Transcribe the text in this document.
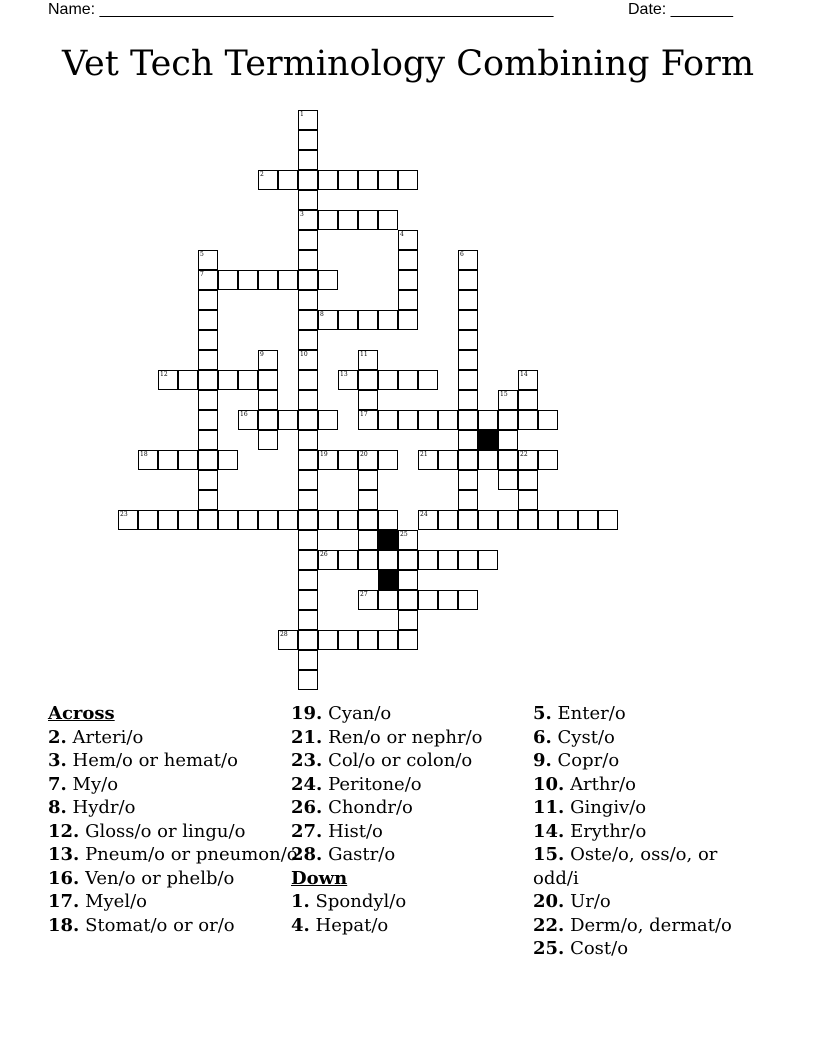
Name: ___________________________________________________	Date: _______
Vet Tech Terminology Combining Form
1
3
10
2
4
5
7
6
8
9	11
17
12	13	14
15
16
18	19	20	21	22
23	24
25
26
27
28
Across

2. Arteri/o

3. Hem/o or hemat/o

7. My/o

8. Hydr/o

12. Gloss/o or lingu/o

13. Pneum/o or pneumon/o

16. Ven/o or phelb/o

17. Myel/o

18. Stomat/o or or/o

19. Cyan/o

21. Ren/o or nephr/o

23. Col/o or colon/o

24. Peritone/o

26. Chondr/o

27. Hist/o

28. Gastr/o

Down

1. Spondyl/o

4. Hepat/o

5. Enter/o

6. Cyst/o

9. Copr/o

10. Arthr/o

11. Gingiv/o

14. Erythr/o

15. Oste/o, oss/o, or odd/i

20. Ur/o

22. Derm/o, dermat/o

25. Cost/o
